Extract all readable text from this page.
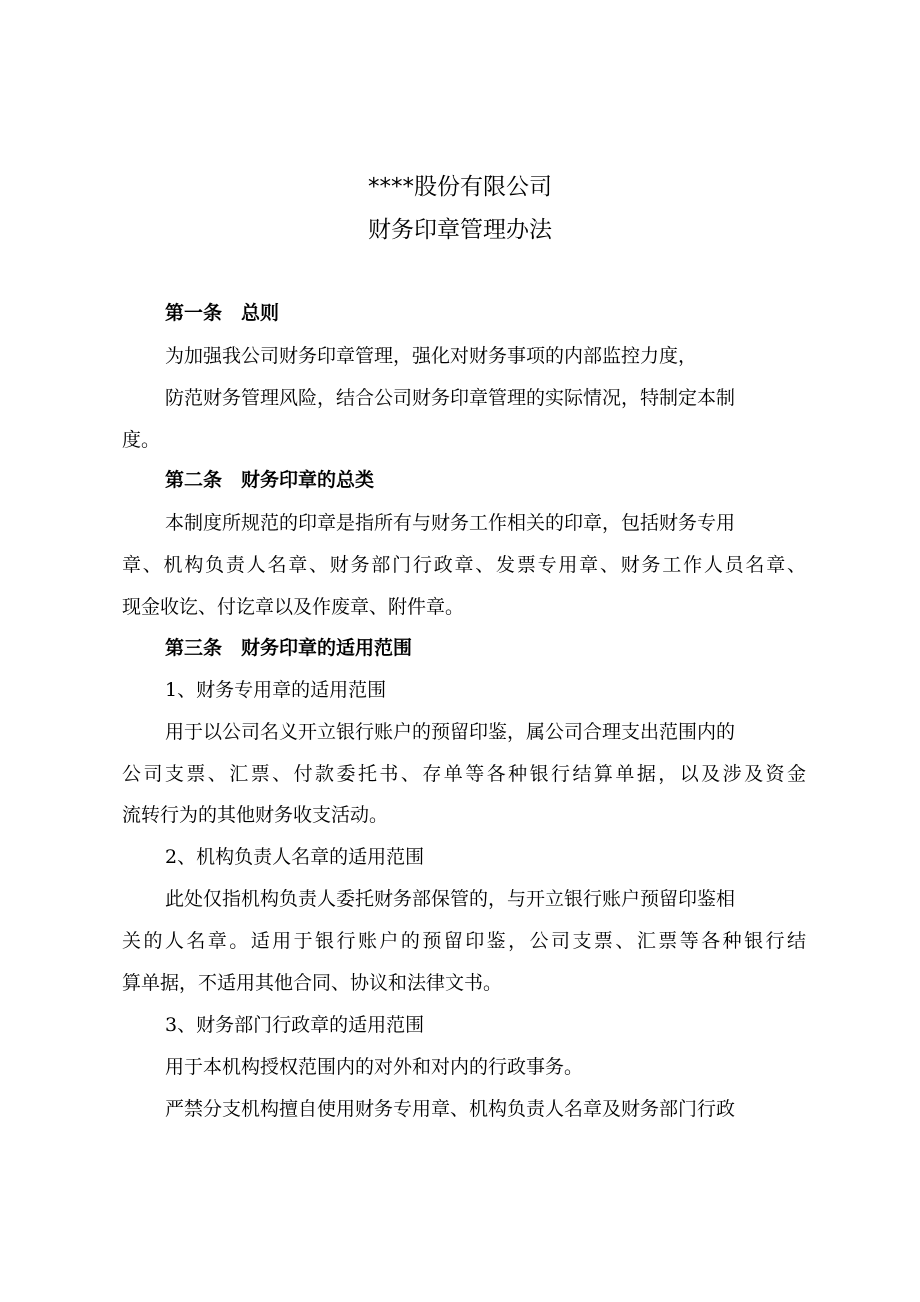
****股份有限公司
财务印章管理办法
第一条　总则
为加强我公司财务印章管理，强化对财务事项的内部监控力度，
防范财务管理风险，结合公司财务印章管理的实际情况，特制定本制
度。
第二条　财务印章的总类
本制度所规范的印章是指所有与财务工作相关的印章，包括财务专用
章、机构负责人名章、财务部门行政章、发票专用章、财务工作人员名章、
现金收讫、付讫章以及作废章、附件章。
第三条　财务印章的适用范围
1、财务专用章的适用范围
用于以公司名义开立银行账户的预留印鉴，属公司合理支出范围内的
公司支票、汇票、付款委托书、存单等各种银行结算单据，以及涉及资金
流转行为的其他财务收支活动。
2、机构负责人名章的适用范围
此处仅指机构负责人委托财务部保管的，与开立银行账户预留印鉴相
关的人名章。适用于银行账户的预留印鉴，公司支票、汇票等各种银行结
算单据，不适用其他合同、协议和法律文书。
3、财务部门行政章的适用范围
用于本机构授权范围内的对外和对内的行政事务。
严禁分支机构擅自使用财务专用章、机构负责人名章及财务部门行政
